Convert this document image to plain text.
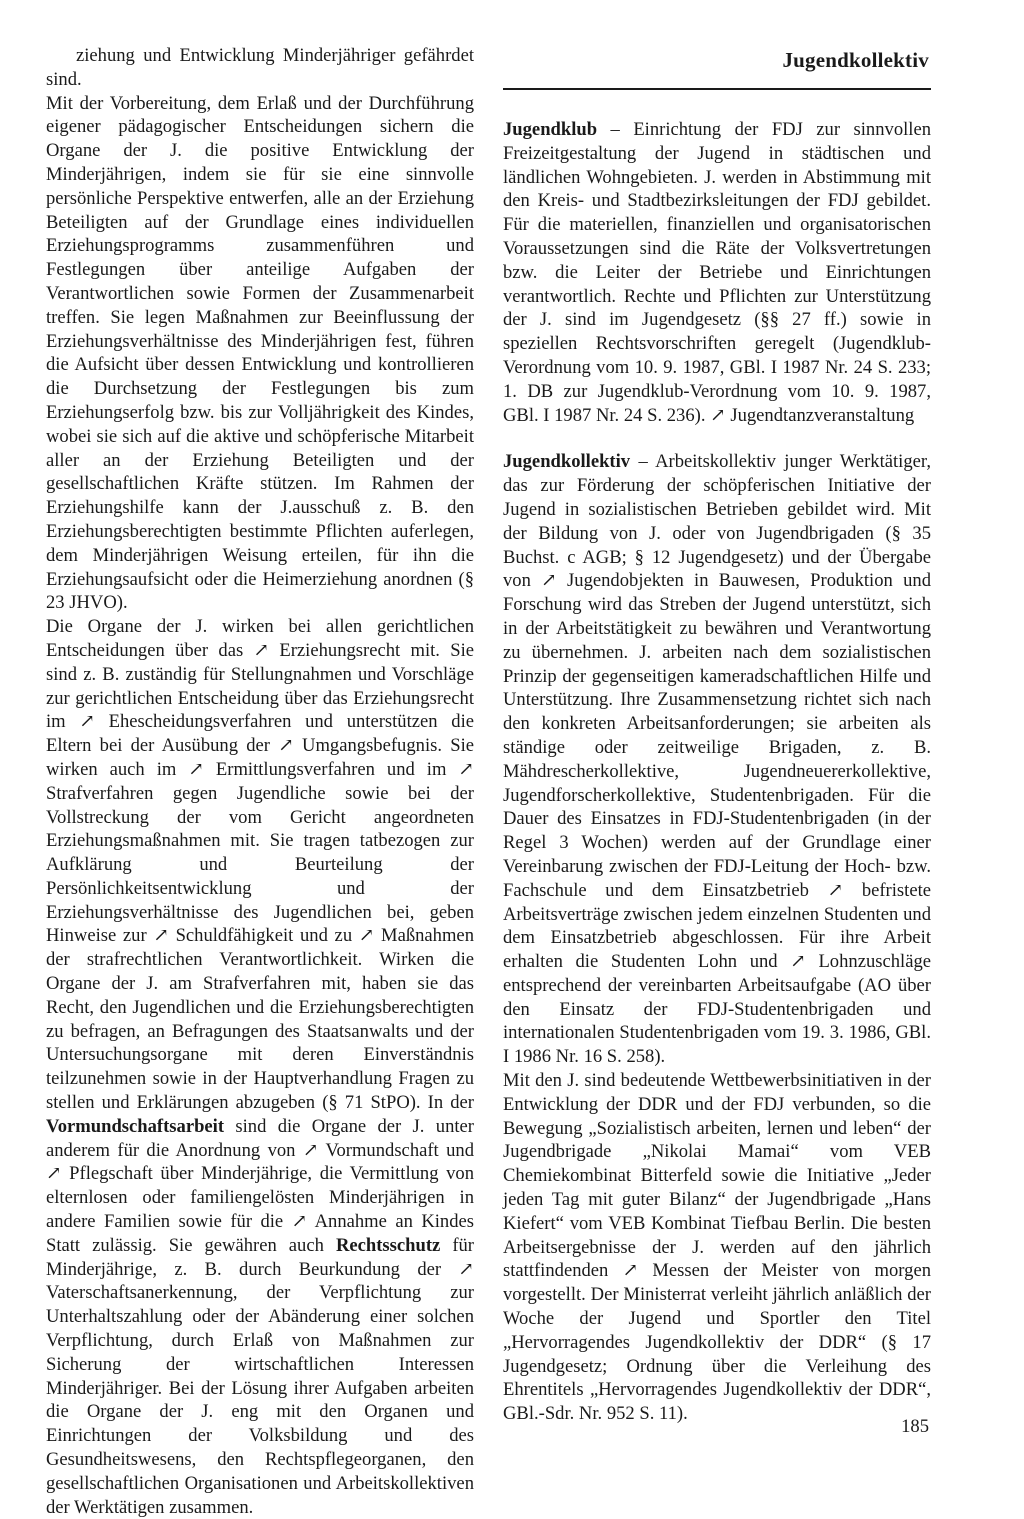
Jugendkollektiv

ziehung und Entwicklung Minderjähriger gefährdet sind.

Mit der Vorbereitung, dem Erlaß und der Durchführung eigener pädagogischer Entscheidungen sichern die Organe der J. die positive Entwicklung der Minderjährigen, indem sie für sie eine sinnvolle persönliche Perspektive entwerfen, alle an der Erziehung Beteiligten auf der Grundlage eines individuellen Erziehungsprogramms zusammenführen und Festlegungen über anteilige Aufgaben der Verantwortlichen sowie Formen der Zusammenarbeit treffen. Sie legen Maßnahmen zur Beeinflussung der Erziehungsverhältnisse des Minderjährigen fest, führen die Aufsicht über dessen Entwicklung und kontrollieren die Durchsetzung der Festlegungen bis zum Erziehungserfolg bzw. bis zur Volljährigkeit des Kindes, wobei sie sich auf die aktive und schöpferische Mitarbeit aller an der Erziehung Beteiligten und der gesellschaftlichen Kräfte stützen. Im Rahmen der Erziehungshilfe kann der J.ausschuß z. B. den Erziehungsberechtigten bestimmte Pflichten auferlegen, dem Minderjährigen Weisung erteilen, für ihn die Erziehungsaufsicht oder die Heimerziehung anordnen (§ 23 JHVO).

Die Organe der J. wirken bei allen gerichtlichen Entscheidungen über das ↗ Erziehungsrecht mit. Sie sind z. B. zuständig für Stellungnahmen und Vorschläge zur gerichtlichen Entscheidung über das Erziehungsrecht im ↗ Ehescheidungsverfahren und unterstützen die Eltern bei der Ausübung der ↗ Umgangsbefugnis. Sie wirken auch im ↗ Ermittlungsverfahren und im ↗ Strafverfahren gegen Jugendliche sowie bei der Vollstreckung der vom Gericht angeordneten Erziehungsmaßnahmen mit. Sie tragen tatbezogen zur Aufklärung und Beurteilung der Persönlichkeitsentwicklung und der Erziehungsverhältnisse des Jugendlichen bei, geben Hinweise zur ↗ Schuldfähigkeit und zu ↗ Maßnahmen der strafrechtlichen Verantwortlichkeit. Wirken die Organe der J. am Strafverfahren mit, haben sie das Recht, den Jugendlichen und die Erziehungsberechtigten zu befragen, an Befragungen des Staatsanwalts und der Untersuchungsorgane mit deren Einverständnis teilzunehmen sowie in der Hauptverhandlung Fragen zu stellen und Erklärungen abzugeben (§ 71 StPO). In der Vormundschaftsarbeit sind die Organe der J. unter anderem für die Anordnung von ↗ Vormundschaft und ↗ Pflegschaft über Minderjährige, die Vermittlung von elternlosen oder familiengelösten Minderjährigen in andere Familien sowie für die ↗ Annahme an Kindes Statt zulässig. Sie gewähren auch Rechtsschutz für Minderjährige, z. B. durch Beurkundung der ↗ Vaterschaftsanerkennung, der Verpflichtung zur Unterhaltszahlung oder der Abänderung einer solchen Verpflichtung, durch Erlaß von Maßnahmen zur Sicherung der wirtschaftlichen Interessen Minderjähriger. Bei der Lösung ihrer Aufgaben arbeiten die Organe der J. eng mit den Organen und Einrichtungen der Volksbildung und des Gesundheitswesens, den Rechtspflegeorganen, den gesellschaftlichen Organisationen und Arbeitskollektiven der Werktätigen zusammen.

Jugendklub – Einrichtung der FDJ zur sinnvollen Freizeitgestaltung der Jugend in städtischen und ländlichen Wohngebieten. J. werden in Abstimmung mit den Kreis- und Stadtbezirksleitungen der FDJ gebildet. Für die materiellen, finanziellen und organisatorischen Voraussetzungen sind die Räte der Volksvertretungen bzw. die Leiter der Betriebe und Einrichtungen verantwortlich. Rechte und Pflichten zur Unterstützung der J. sind im Jugendgesetz (§§ 27 ff.) sowie in speziellen Rechtsvorschriften geregelt (Jugendklub-Verordnung vom 10. 9. 1987, GBl. I 1987 Nr. 24 S. 233; 1. DB zur Jugendklub-Verordnung vom 10. 9. 1987, GBl. I 1987 Nr. 24 S. 236). ↗ Jugendtanzveranstaltung

Jugendkollektiv – Arbeitskollektiv junger Werktätiger, das zur Förderung der schöpferischen Initiative der Jugend in sozialistischen Betrieben gebildet wird. Mit der Bildung von J. oder von Jugendbrigaden (§ 35 Buchst. c AGB; § 12 Jugendgesetz) und der Übergabe von ↗ Jugendobjekten in Bauwesen, Produktion und Forschung wird das Streben der Jugend unterstützt, sich in der Arbeitstätigkeit zu bewähren und Verantwortung zu übernehmen. J. arbeiten nach dem sozialistischen Prinzip der gegenseitigen kameradschaftlichen Hilfe und Unterstützung. Ihre Zusammensetzung richtet sich nach den konkreten Arbeitsanforderungen; sie arbeiten als ständige oder zeitweilige Brigaden, z. B. Mähdrescherkollektive, Jugendneuererkollektive, Jugendforscherkollektive, Studentenbrigaden. Für die Dauer des Einsatzes in FDJ-Studentenbrigaden (in der Regel 3 Wochen) werden auf der Grundlage einer Vereinbarung zwischen der FDJ-Leitung der Hoch- bzw. Fachschule und dem Einsatzbetrieb ↗ befristete Arbeitsverträge zwischen jedem einzelnen Studenten und dem Einsatzbetrieb abgeschlossen. Für ihre Arbeit erhalten die Studenten Lohn und ↗ Lohnzuschläge entsprechend der vereinbarten Arbeitsaufgabe (AO über den Einsatz der FDJ-Studentenbrigaden und internationalen Studentenbrigaden vom 19. 3. 1986, GBl. I 1986 Nr. 16 S. 258).

Mit den J. sind bedeutende Wettbewerbsinitiativen in der Entwicklung der DDR und der FDJ verbunden, so die Bewegung „Sozialistisch arbeiten, lernen und leben“ der Jugendbrigade „Nikolai Mamai“ vom VEB Chemiekombinat Bitterfeld sowie die Initiative „Jeder jeden Tag mit guter Bilanz“ der Jugendbrigade „Hans Kiefert“ vom VEB Kombinat Tiefbau Berlin. Die besten Arbeitsergebnisse der J. werden auf den jährlich stattfindenden ↗ Messen der Meister von morgen vorgestellt. Der Ministerrat verleiht jährlich anläßlich der Woche der Jugend und Sportler den Titel „Hervorragendes Jugendkollektiv der DDR“ (§ 17 Jugendgesetz; Ordnung über die Verleihung des Ehrentitels „Hervorragendes Jugendkollektiv der DDR“, GBl.-Sdr. Nr. 952 S. 11).

185
